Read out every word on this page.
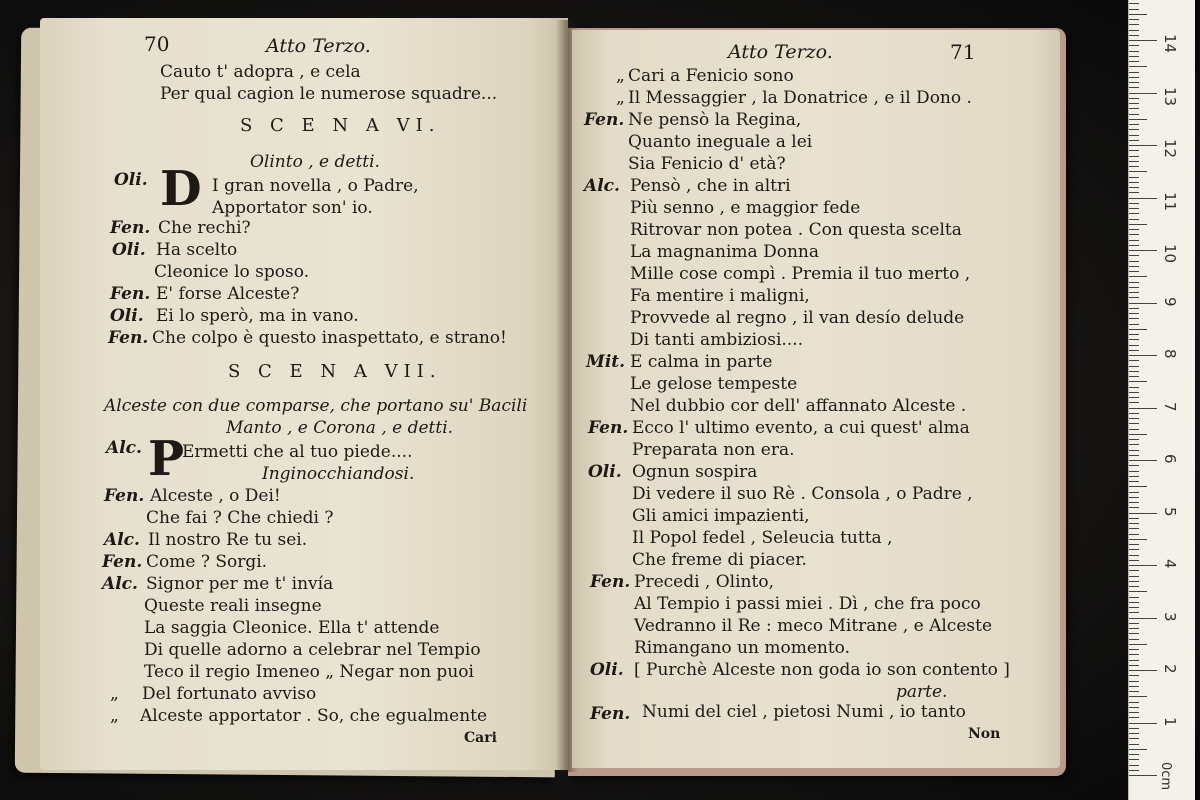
70	Atto Terzo.
Cauto t' adopra , e cela
Per qual cagion le numerose squadre...
S C E N A VI.
Olinto , e detti.
Oli. D I gran novella , o Padre,
Apportator son' io.
Fen. Che rechi?
Oli. Ha scelto
Cleonice lo sposo.
Fen. E' forse Alceste?
Oli. Ei lo sperò, ma in vano.
Fen. Che colpo è questo inaspettato, e strano!
S C E N A VII.
Alceste con due comparse, che portano su' Bacili
Manto , e Corona , e detti.
Alc. P
Ermetti che al tuo piede....
Inginocchiandosi.
Fen. Alceste , o Dei!
Che fai ? Che chiedi ?
Alc. Il nostro Re tu sei.
Fen. Come ? Sorgi.
Alc. Signor per me t' invía
Queste reali insegne
La saggia Cleonice. Ella t' attende
Di quelle adorno a celebrar nel Tempio
Teco il regio Imeneo „ Negar non puoi
„ Del fortunato avviso
„ Alceste apportator . So, che egualmente
Cari
Atto Terzo.	71
„ Cari a Fenicio sono
„ Il Messaggier , la Donatrice , e il Dono .
Fen. Ne pensò la Regina,
Quanto ineguale a lei
Sia Fenicio d' età?
Alc. Pensò , che in altri
Più senno , e maggior fede
Ritrovar non potea . Con questa scelta
La magnanima Donna
Mille cose compì . Premia il tuo merto ,
Fa mentire i maligni,
Provvede al regno , il van desío delude
Di tanti ambiziosi....
Mit. E calma in parte
Le gelose tempeste
Nel dubbio cor dell' affannato Alceste .
Fen. Ecco l' ultimo evento, a cui quest' alma
Preparata non era.
Oli. Ognun sospira
Di vedere il suo Rè . Consola , o Padre ,
Gli amici impazienti,
Il Popol fedel , Seleucia tutta ,
Che freme di piacer.
Fen. Precedi , Olinto,
Al Tempio i passi miei . Dì , che fra poco
Vedranno il Re : meco Mitrane , e Alceste
Rimangano un momento.
Oli. [ Purchè Alceste non goda io son contento ]
parte.
Fen. Numi del ciel , pietosi Numi , io tanto
Non
0cm
1
2
3
4
5
6
7
8
9
10
11
12
13
14
